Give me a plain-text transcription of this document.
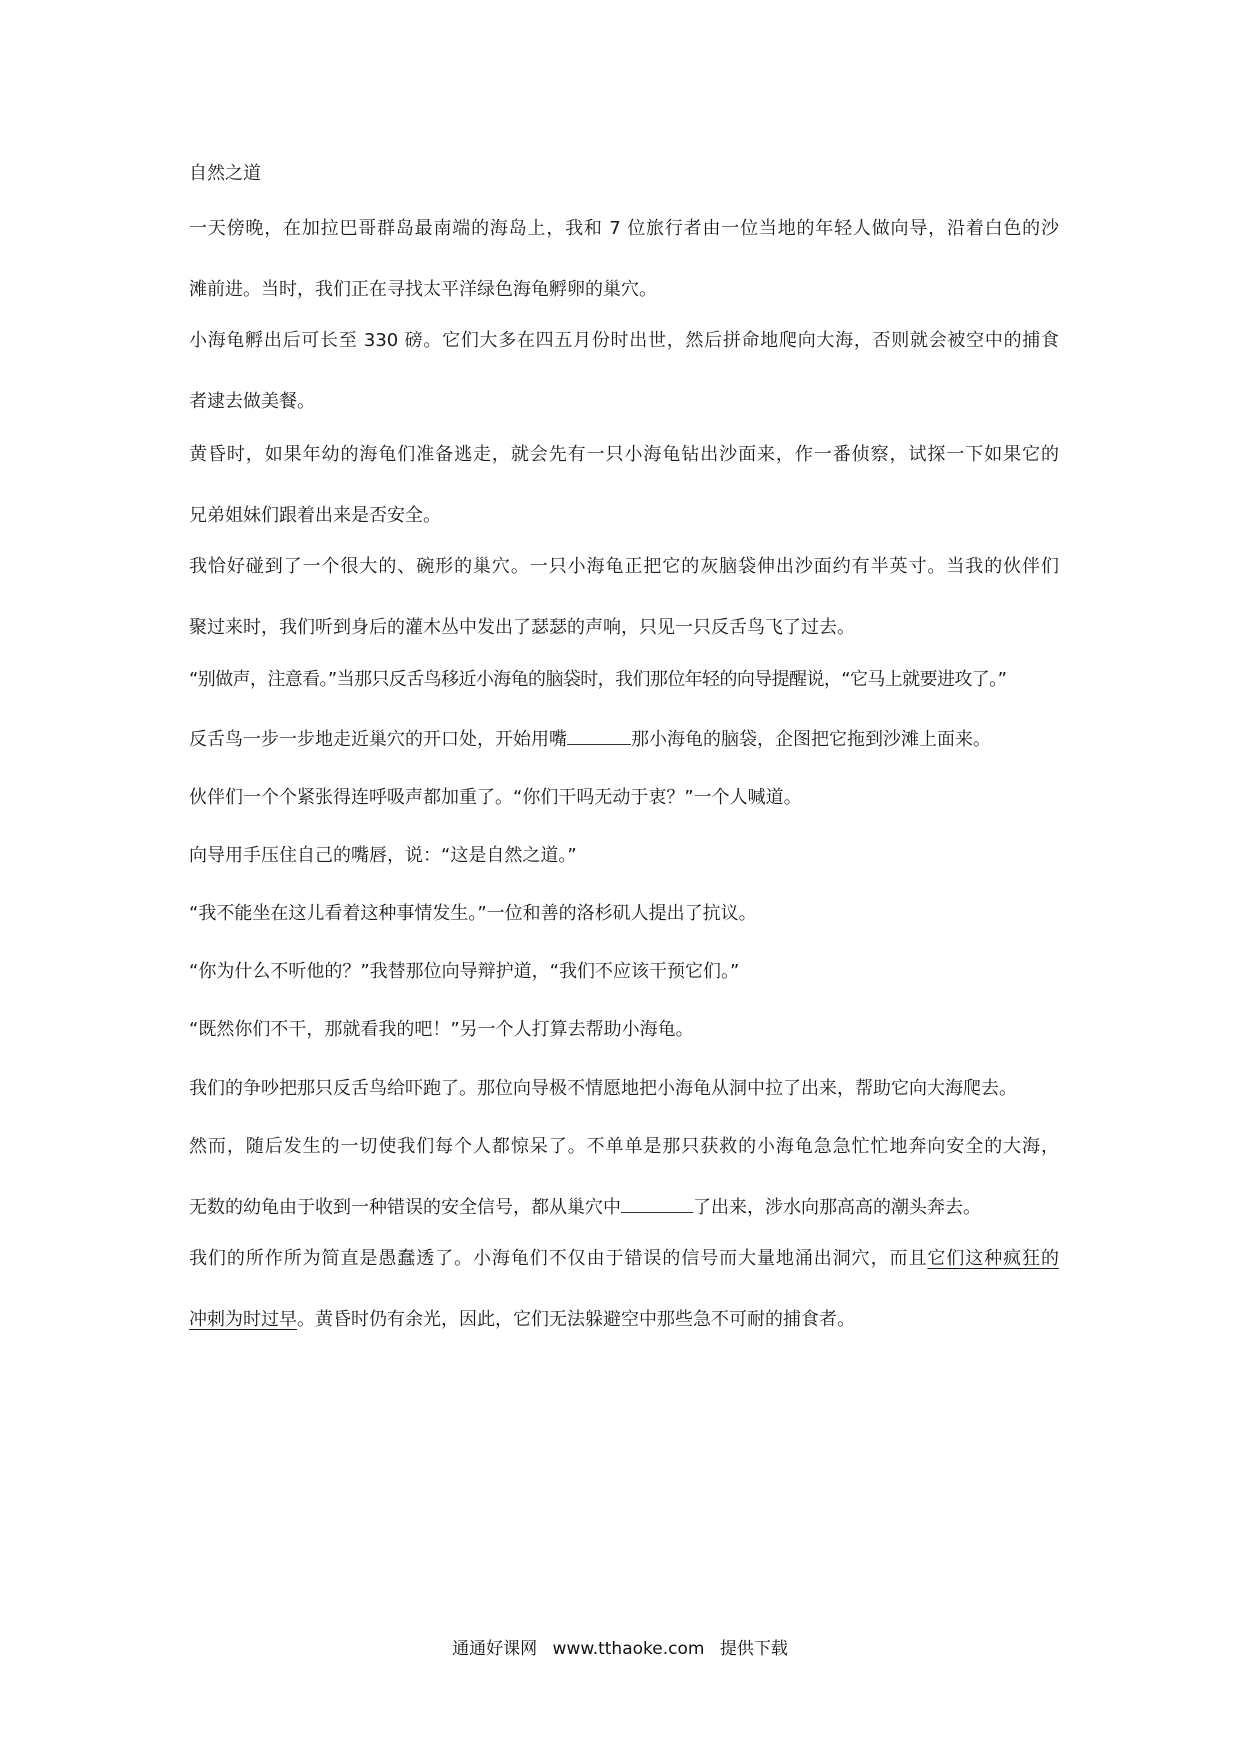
自然之道
一天傍晚，在加拉巴哥群岛最南端的海岛上，我和 7 位旅行者由一位当地的年轻人做向导，沿着白色的沙
滩前进。当时，我们正在寻找太平洋绿色海龟孵卵的巢穴。
小海龟孵出后可长至 330 磅。它们大多在四五月份时出世，然后拼命地爬向大海，否则就会被空中的捕食
者逮去做美餐。
黄昏时，如果年幼的海龟们准备逃走，就会先有一只小海龟钻出沙面来，作一番侦察，试探一下如果它的
兄弟姐妹们跟着出来是否安全。
我恰好碰到了一个很大的、碗形的巢穴。一只小海龟正把它的灰脑袋伸出沙面约有半英寸。当我的伙伴们
聚过来时，我们听到身后的灌木丛中发出了瑟瑟的声响，只见一只反舌鸟飞了过去。
“别做声，注意看。”当那只反舌鸟移近小海龟的脑袋时，我们那位年轻的向导提醒说，“它马上就要进攻了。”
反舌鸟一步一步地走近巢穴的开口处，开始用嘴	那小海龟的脑袋，企图把它拖到沙滩上面来。
伙伴们一个个紧张得连呼吸声都加重了。“你们干吗无动于衷？”一个人喊道。
向导用手压住自己的嘴唇，说：“这是自然之道。”
“我不能坐在这儿看着这种事情发生。”一位和善的洛杉矶人提出了抗议。
“你为什么不听他的？”我替那位向导辩护道，“我们不应该干预它们。”
“既然你们不干，那就看我的吧！”另一个人打算去帮助小海龟。
我们的争吵把那只反舌鸟给吓跑了。那位向导极不情愿地把小海龟从洞中拉了出来，帮助它向大海爬去。
然而，随后发生的一切使我们每个人都惊呆了。不单单是那只获救的小海龟急急忙忙地奔向安全的大海，
无数的幼龟由于收到一种错误的安全信号，都从巢穴中	了出来，涉水向那高高的潮头奔去。
我们的所作所为简直是愚蠢透了。小海龟们不仅由于错误的信号而大量地涌出洞穴，而且它们这种疯狂的
冲刺为时过早。黄昏时仍有余光，因此，它们无法躲避空中那些急不可耐的捕食者。
通通好课网 www.tthaoke.com 提供下载
